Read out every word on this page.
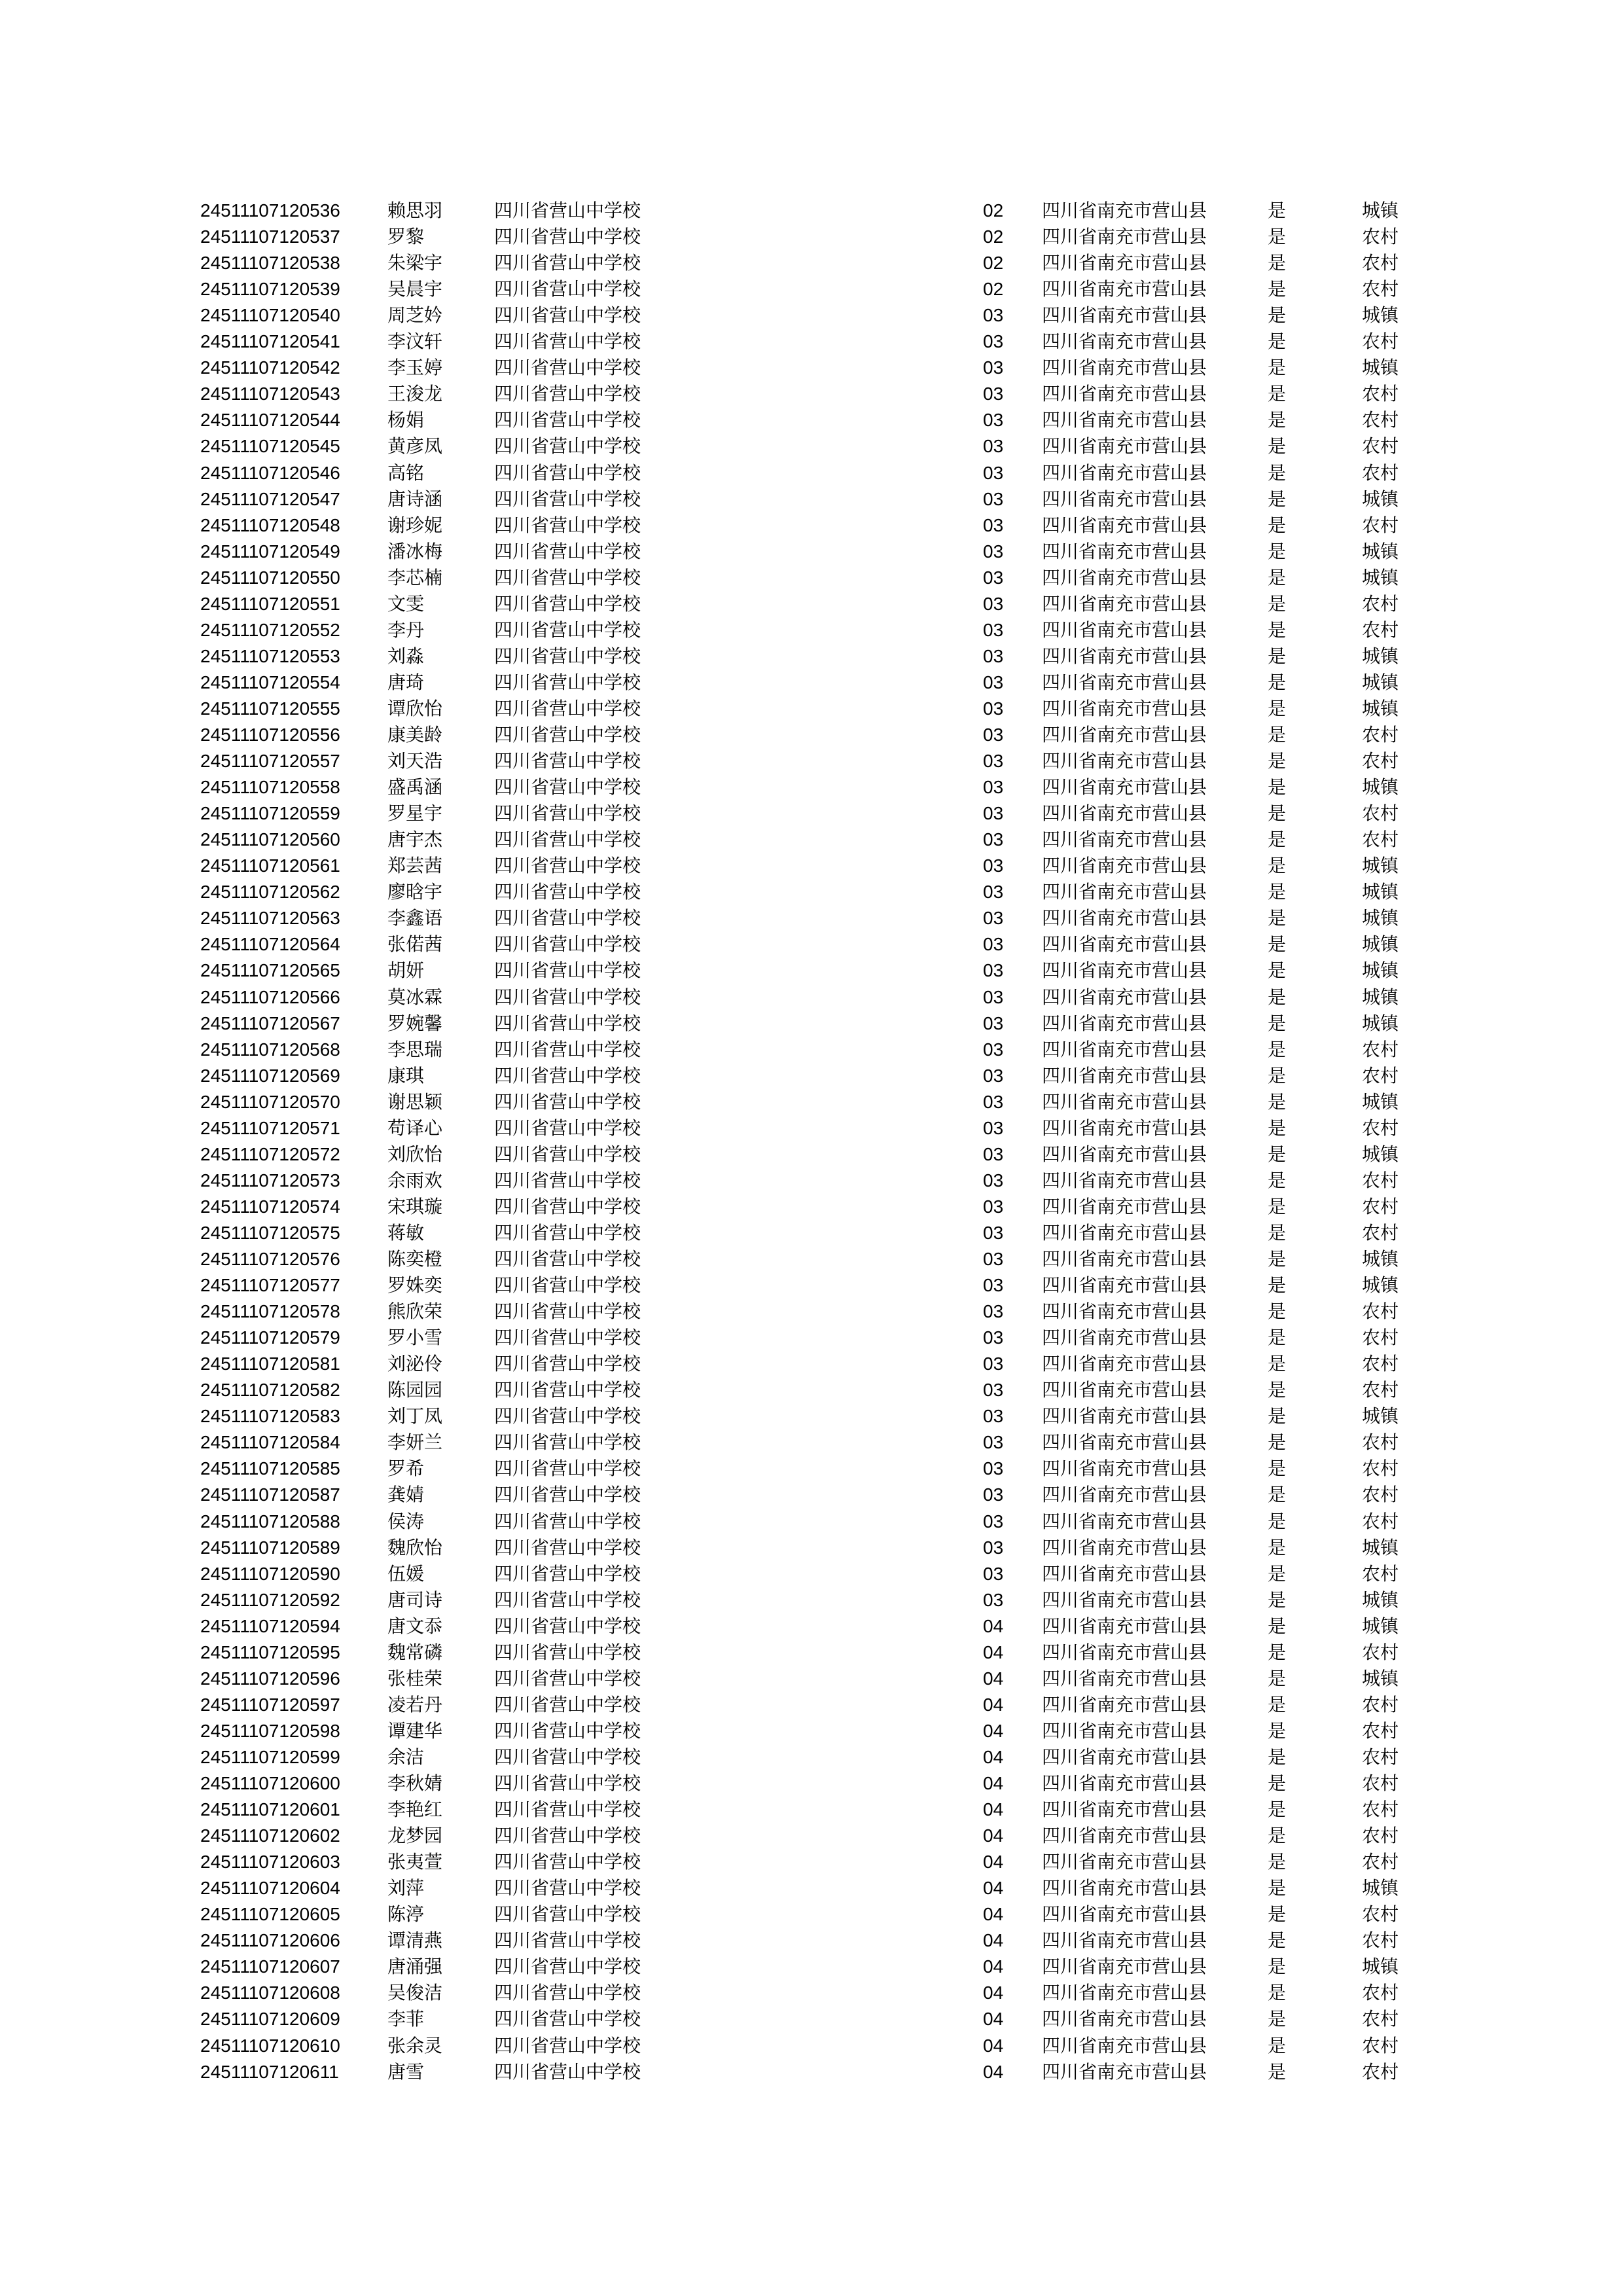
24511107120536	赖思羽	四川省营山中学校	02 四川省南充市营山县	是	城镇
24511107120537	罗黎	四川省营山中学校	02 四川省南充市营山县	是	农村
24511107120538	朱梁宇	四川省营山中学校	02 四川省南充市营山县	是	农村
24511107120539	吴晨宇	四川省营山中学校	02 四川省南充市营山县	是	农村
24511107120540	周芝妗	四川省营山中学校	03 四川省南充市营山县	是	城镇
24511107120541	李汶轩	四川省营山中学校	03 四川省南充市营山县	是	农村
24511107120542	李玉婷	四川省营山中学校	03 四川省南充市营山县	是	城镇
24511107120543	王浚龙	四川省营山中学校	03 四川省南充市营山县	是	农村
24511107120544	杨娟	四川省营山中学校	03 四川省南充市营山县	是	农村
24511107120545	黄彦凤	四川省营山中学校	03 四川省南充市营山县	是	农村
24511107120546	高铭	四川省营山中学校	03 四川省南充市营山县	是	农村
24511107120547	唐诗涵	四川省营山中学校	03 四川省南充市营山县	是	城镇
24511107120548	谢珍妮	四川省营山中学校	03 四川省南充市营山县	是	农村
24511107120549	潘冰梅	四川省营山中学校	03 四川省南充市营山县	是	城镇
24511107120550	李芯楠	四川省营山中学校	03 四川省南充市营山县	是	城镇
24511107120551	文雯	四川省营山中学校	03 四川省南充市营山县	是	农村
24511107120552	李丹	四川省营山中学校	03 四川省南充市营山县	是	农村
24511107120553	刘淼	四川省营山中学校	03 四川省南充市营山县	是	城镇
24511107120554	唐琦	四川省营山中学校	03 四川省南充市营山县	是	城镇
24511107120555	谭欣怡	四川省营山中学校	03 四川省南充市营山县	是	城镇
24511107120556	康美龄	四川省营山中学校	03 四川省南充市营山县	是	农村
24511107120557	刘天浩	四川省营山中学校	03 四川省南充市营山县	是	农村
24511107120558	盛禹涵	四川省营山中学校	03 四川省南充市营山县	是	城镇
24511107120559	罗星宇	四川省营山中学校	03 四川省南充市营山县	是	农村
24511107120560	唐宇杰	四川省营山中学校	03 四川省南充市营山县	是	农村
24511107120561	郑芸茜	四川省营山中学校	03 四川省南充市营山县	是	城镇
24511107120562	廖晗宇	四川省营山中学校	03 四川省南充市营山县	是	城镇
24511107120563	李鑫语	四川省营山中学校	03 四川省南充市营山县	是	城镇
24511107120564	张偌茜	四川省营山中学校	03 四川省南充市营山县	是	城镇
24511107120565	胡妍	四川省营山中学校	03 四川省南充市营山县	是	城镇
24511107120566	莫冰霖	四川省营山中学校	03 四川省南充市营山县	是	城镇
24511107120567	罗婉馨	四川省营山中学校	03 四川省南充市营山县	是	城镇
24511107120568	李思瑞	四川省营山中学校	03 四川省南充市营山县	是	农村
24511107120569	康琪	四川省营山中学校	03 四川省南充市营山县	是	农村
24511107120570	谢思颖	四川省营山中学校	03 四川省南充市营山县	是	城镇
24511107120571	苟译心	四川省营山中学校	03 四川省南充市营山县	是	农村
24511107120572	刘欣怡	四川省营山中学校	03 四川省南充市营山县	是	城镇
24511107120573	余雨欢	四川省营山中学校	03 四川省南充市营山县	是	农村
24511107120574	宋琪璇	四川省营山中学校	03 四川省南充市营山县	是	农村
24511107120575	蒋敏	四川省营山中学校	03 四川省南充市营山县	是	农村
24511107120576	陈奕橙	四川省营山中学校	03 四川省南充市营山县	是	城镇
24511107120577	罗姝奕	四川省营山中学校	03 四川省南充市营山县	是	城镇
24511107120578	熊欣荣	四川省营山中学校	03 四川省南充市营山县	是	农村
24511107120579	罗小雪	四川省营山中学校	03 四川省南充市营山县	是	农村
24511107120581	刘泌伶	四川省营山中学校	03 四川省南充市营山县	是	农村
24511107120582	陈园园	四川省营山中学校	03 四川省南充市营山县	是	农村
24511107120583	刘丁凤	四川省营山中学校	03 四川省南充市营山县	是	城镇
24511107120584	李妍兰	四川省营山中学校	03 四川省南充市营山县	是	农村
24511107120585	罗希	四川省营山中学校	03 四川省南充市营山县	是	农村
24511107120587	龚婧	四川省营山中学校	03 四川省南充市营山县	是	农村
24511107120588	侯涛	四川省营山中学校	03 四川省南充市营山县	是	农村
24511107120589	魏欣怡	四川省营山中学校	03 四川省南充市营山县	是	城镇
24511107120590	伍媛	四川省营山中学校	03 四川省南充市营山县	是	农村
24511107120592	唐司诗	四川省营山中学校	03 四川省南充市营山县	是	城镇
24511107120594	唐文忝	四川省营山中学校	04 四川省南充市营山县	是	城镇
24511107120595	魏常磷	四川省营山中学校	04 四川省南充市营山县	是	农村
24511107120596	张桂荣	四川省营山中学校	04 四川省南充市营山县	是	城镇
24511107120597	凌若丹	四川省营山中学校	04 四川省南充市营山县	是	农村
24511107120598	谭建华	四川省营山中学校	04 四川省南充市营山县	是	农村
24511107120599	余洁	四川省营山中学校	04 四川省南充市营山县	是	农村
24511107120600	李秋婧	四川省营山中学校	04 四川省南充市营山县	是	农村
24511107120601	李艳红	四川省营山中学校	04 四川省南充市营山县	是	农村
24511107120602	龙梦园	四川省营山中学校	04 四川省南充市营山县	是	农村
24511107120603	张夷萱	四川省营山中学校	04 四川省南充市营山县	是	农村
24511107120604	刘萍	四川省营山中学校	04 四川省南充市营山县	是	城镇
24511107120605	陈渟	四川省营山中学校	04 四川省南充市营山县	是	农村
24511107120606	谭清燕	四川省营山中学校	04 四川省南充市营山县	是	农村
24511107120607	唐涌强	四川省营山中学校	04 四川省南充市营山县	是	城镇
24511107120608	吴俊洁	四川省营山中学校	04 四川省南充市营山县	是	农村
24511107120609	李菲	四川省营山中学校	04 四川省南充市营山县	是	农村
24511107120610	张余灵	四川省营山中学校	04 四川省南充市营山县	是	农村
24511107120611	唐雪	四川省营山中学校	04 四川省南充市营山县	是	农村
